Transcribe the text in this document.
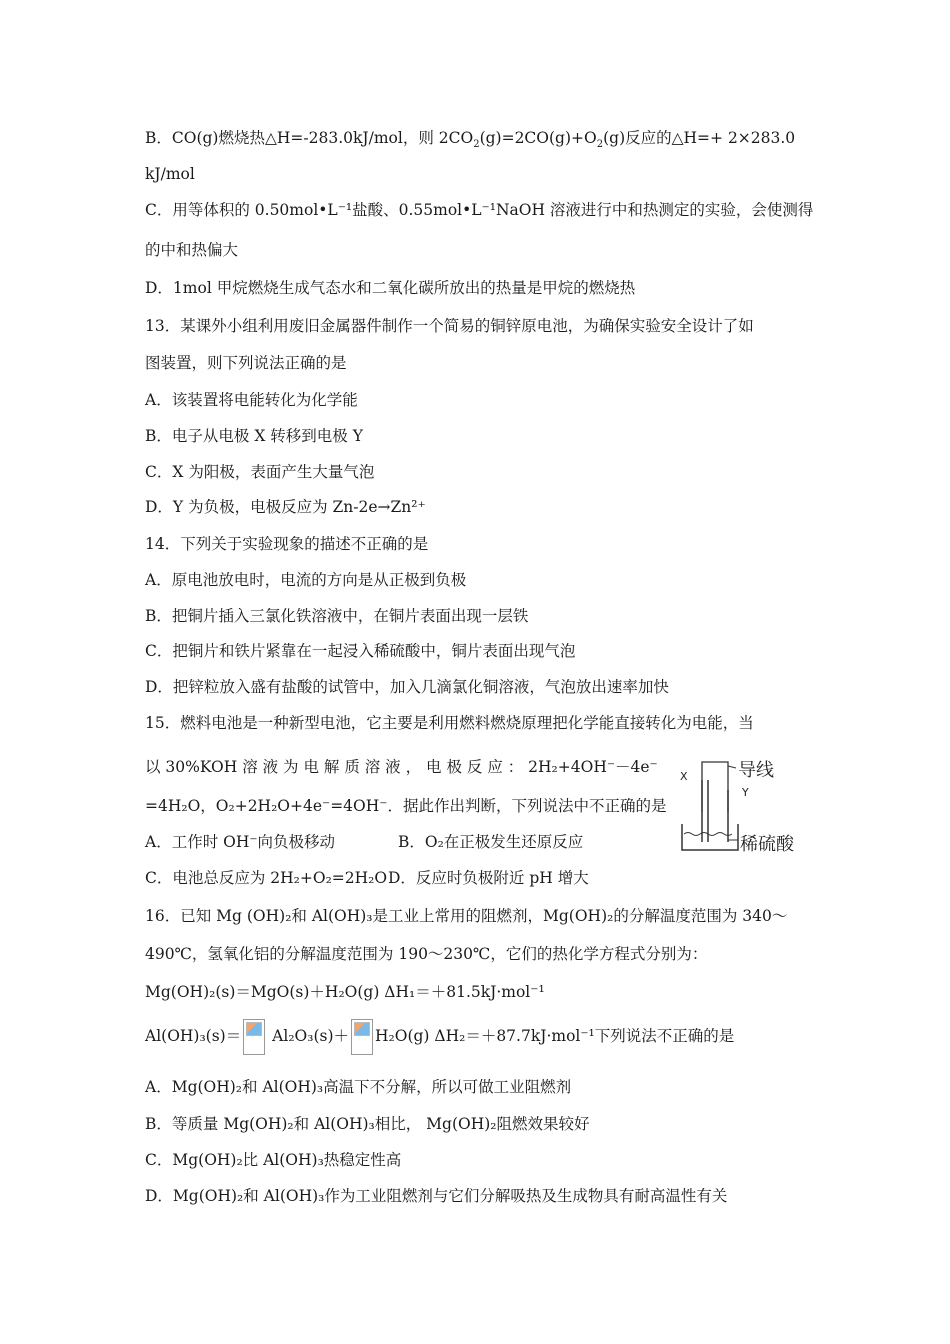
B．CO(g)燃烧热△H=-283.0kJ/mol，则 $2CO_2(g)=2CO(g)+O_2(g)$反应的△H=+ 2×283.0
kJ/mol
C．用等体积的 0.50mol•L⁻¹盐酸、0.55mol•L⁻¹NaOH 溶液进行中和热测定的实验，会使测得
的中和热偏大
D．1mol 甲烷燃烧生成气态水和二氧化碳所放出的热量是甲烷的燃烧热
13．某课外小组利用废旧金属器件制作一个简易的铜锌原电池，为确保实验安全设计了如
图装置，则下列说法正确的是
A．该装置将电能转化为化学能
B．电子从电极 X 转移到电极 Y
C．X 为阳极，表面产生大量气泡
D．Y 为负极，电极反应为 Zn-2e→Zn²⁺
14．下列关于实验现象的描述不正确的是
A．原电池放电时，电流的方向是从正极到负极
B．把铜片插入三氯化铁溶液中，在铜片表面出现一层铁
C．把铜片和铁片紧靠在一起浸入稀硫酸中，铜片表面出现气泡
D．把锌粒放入盛有盐酸的试管中，加入几滴氯化铜溶液，气泡放出速率加快
15．燃料电池是一种新型电池，它主要是利用燃料燃烧原理把化学能直接转化为电能，当
以 30%KOH 溶 液 为 电 解 质 溶 液 ， 电 极 反 应 ： 2H₂+4OH⁻－4e⁻
=4H₂O，O₂+2H₂O+4e⁻=4OH⁻．据此作出判断，下列说法中不正确的是
A．工作时 OH⁻向负极移动	B．O₂在正极发生还原反应
C．电池总反应为 2H₂+O₂=2H₂O D．反应时负极附近 pH 增大
X
Y
导线
稀硫酸
16．已知 Mg (OH)₂和 Al(OH)₃是工业上常用的阻燃剂，Mg(OH)₂的分解温度范围为 340～
490℃，氢氧化铝的分解温度范围为 190～230℃，它们的热化学方程式分别为：
Mg(OH)₂(s)＝MgO(s)＋H₂O(g) ΔH₁＝＋81.5kJ·mol⁻¹
Al(OH)₃(s)＝ Al₂O₃(s)＋ H₂O(g) ΔH₂＝＋87.7kJ·mol⁻¹下列说法不正确的是
A．Mg(OH)₂和 Al(OH)₃高温下不分解，所以可做工业阻燃剂
B．等质量 Mg(OH)₂和 Al(OH)₃相比， Mg(OH)₂阻燃效果较好
C．Mg(OH)₂比 Al(OH)₃热稳定性高
D．Mg(OH)₂和 Al(OH)₃作为工业阻燃剂与它们分解吸热及生成物具有耐高温性有关
